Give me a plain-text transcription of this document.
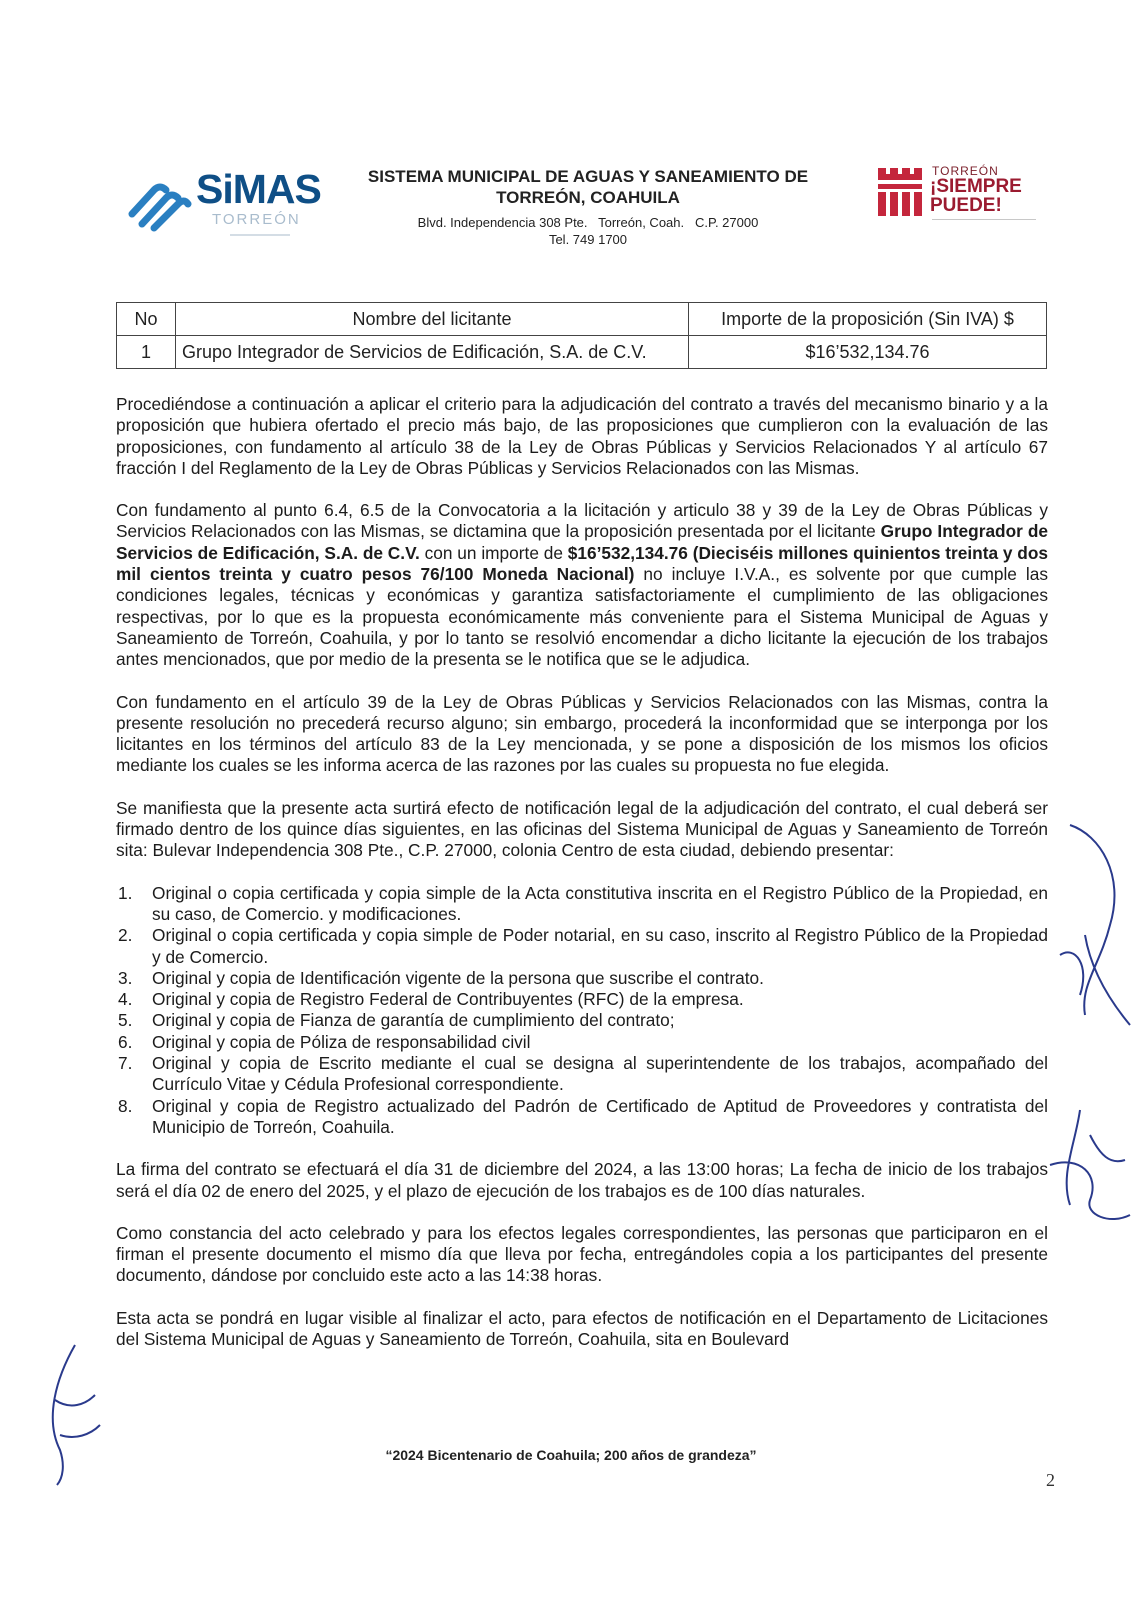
SiMAS
TORREÓN
SISTEMA MUNICIPAL DE AGUAS Y SANEAMIENTO DE
TORREÓN, COAHUILA
Blvd. Independencia 308 Pte.   Torreón, Coah.   C.P. 27000
Tel. 749 1700
TORREÓN
¡SIEMPRE
PUEDE!
No	Nombre del licitante	Importe de la proposición (Sin IVA) $
1	Grupo Integrador de Servicios de Edificación, S.A. de C.V.	$16’532,134.76

Procediéndose a continuación a aplicar el criterio para la adjudicación del contrato a través del mecanismo binario y a la proposición que hubiera ofertado el precio más bajo, de las proposiciones que cumplieron con la evaluación de las proposiciones, con fundamento al artículo 38 de la Ley de Obras Públicas y Servicios Relacionados Y al artículo 67 fracción I del Reglamento de la Ley de Obras Públicas y Servicios Relacionados con las Mismas.

Con fundamento al punto 6.4, 6.5 de la Convocatoria a la licitación y articulo 38 y 39 de la Ley de Obras Públicas y Servicios Relacionados con las Mismas, se dictamina que la proposición presentada por el licitante Grupo Integrador de Servicios de Edificación, S.A. de C.V. con un importe de $16’532,134.76 (Dieciséis millones quinientos treinta y dos mil cientos treinta y cuatro pesos 76/100 Moneda Nacional) no incluye I.V.A., es solvente por que cumple las condiciones legales, técnicas y económicas y garantiza satisfactoriamente el cumplimiento de las obligaciones respectivas, por lo que es la propuesta económicamente más conveniente para el Sistema Municipal de Aguas y Saneamiento de Torreón, Coahuila, y por lo tanto se resolvió encomendar a dicho licitante la ejecución de los trabajos antes mencionados, que por medio de la presenta se le notifica que se le adjudica.

Con fundamento en el artículo 39 de la Ley de Obras Públicas y Servicios Relacionados con las Mismas, contra la presente resolución no precederá recurso alguno; sin embargo, procederá la inconformidad que se interponga por los licitantes en los términos del artículo 83 de la Ley mencionada, y se pone a disposición de los mismos los oficios mediante los cuales se les informa acerca de las razones por las cuales su propuesta no fue elegida.

Se manifiesta que la presente acta surtirá efecto de notificación legal de la adjudicación del contrato, el cual deberá ser firmado dentro de los quince días siguientes, en las oficinas del Sistema Municipal de Aguas y Saneamiento de Torreón sita: Bulevar Independencia 308 Pte., C.P. 27000, colonia Centro de esta ciudad, debiendo presentar:

1. Original o copia certificada y copia simple de la Acta constitutiva inscrita en el Registro Público de la Propiedad, en su caso, de Comercio. y modificaciones.
2. Original o copia certificada y copia simple de Poder notarial, en su caso, inscrito al Registro Público de la Propiedad y de Comercio.
3. Original y copia de Identificación vigente de la persona que suscribe el contrato.
4. Original y copia de Registro Federal de Contribuyentes (RFC) de la empresa.
5. Original y copia de Fianza de garantía de cumplimiento del contrato;
6. Original y copia de Póliza de responsabilidad civil
7. Original y copia de Escrito mediante el cual se designa al superintendente de los trabajos, acompañado del Currículo Vitae y Cédula Profesional correspondiente.
8. Original y copia de Registro actualizado del Padrón de Certificado de Aptitud de Proveedores y contratista del Municipio de Torreón, Coahuila.

La firma del contrato se efectuará el día 31 de diciembre del 2024, a las 13:00 horas; La fecha de inicio de los trabajos será el día 02 de enero del 2025, y el plazo de ejecución de los trabajos es de 100 días naturales.

Como constancia del acto celebrado y para los efectos legales correspondientes, las personas que participaron en el firman el presente documento el mismo día que lleva por fecha, entregándoles copia a los participantes del presente documento, dándose por concluido este acto a las 14:38 horas.

Esta acta se pondrá en lugar visible al finalizar el acto, para efectos de notificación en el Departamento de Licitaciones del Sistema Municipal de Aguas y Saneamiento de Torreón, Coahuila, sita en Boulevard

“2024 Bicentenario de Coahuila; 200 años de grandeza”
2
